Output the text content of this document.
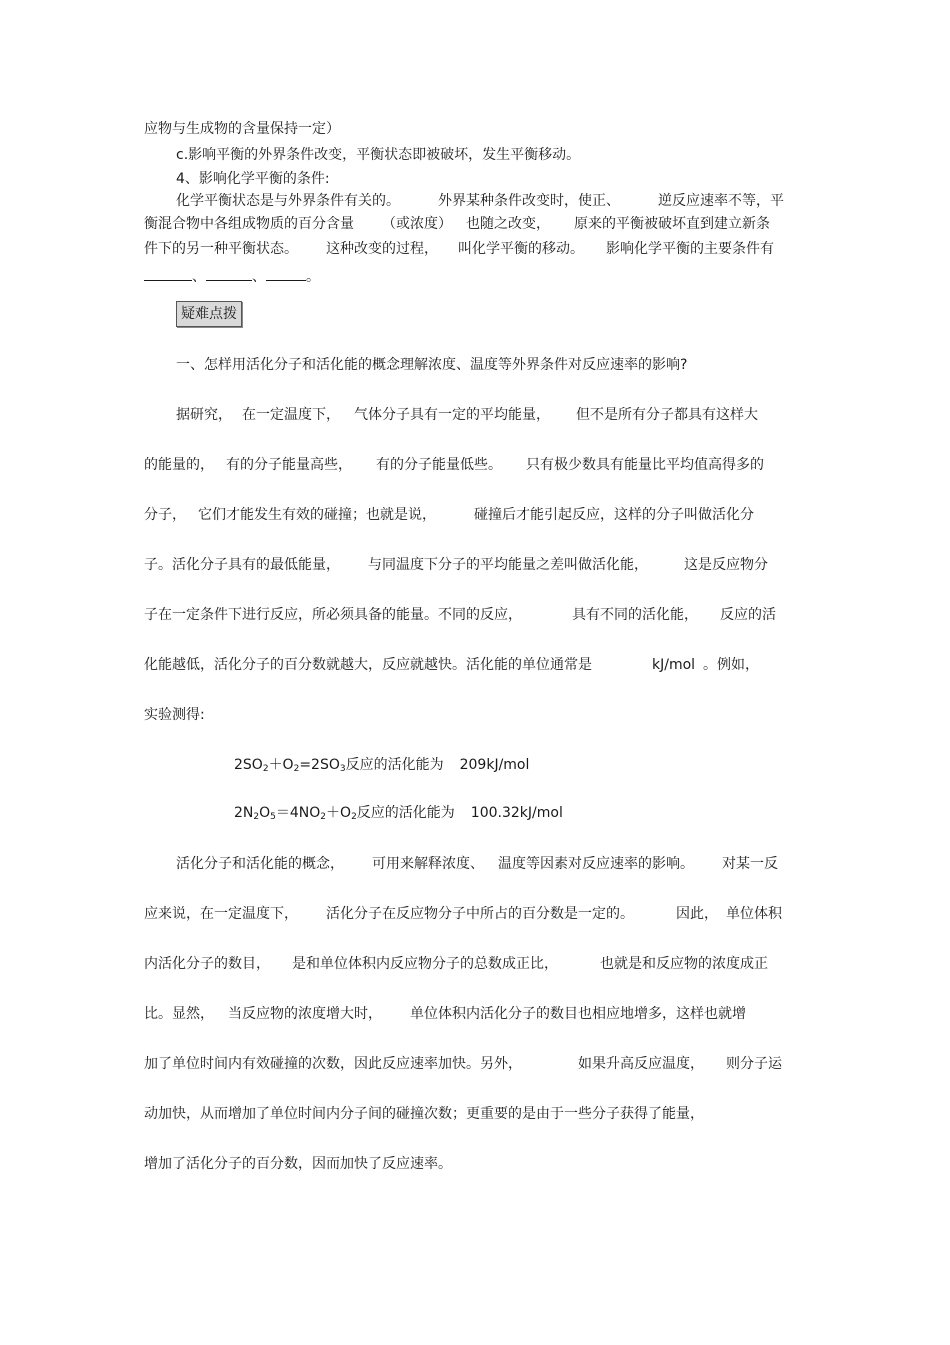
应物与生成物的含量保持一定）
c.影响平衡的外界条件改变，平衡状态即被破坏，发生平衡移动。
4、影响化学平衡的条件:
化学平衡状态是与外界条件有关的。	外界某种条件改变时，使正、	逆反应速率不等，平
衡混合物中各组成物质的百分含量 （或浓度） 也随之改变， 原来的平衡被破坏直到建立新条
件下的另一种平衡状态。 这种改变的过程， 叫化学平衡的移动。 影响化学平衡的主要条件有
、	、	。
疑难点拨
一、怎样用活化分子和活化能的概念理解浓度、温度等外界条件对反应速率的影响?
据研究， 在一定温度下， 气体分子具有一定的平均能量， 但不是所有分子都具有这样大
的能量的， 有的分子能量高些， 有的分子能量低些。 只有极少数具有能量比平均值高得多的
分子， 它们才能发生有效的碰撞；也就是说，	碰撞后才能引起反应，这样的分子叫做活化分
子。活化分子具有的最低能量， 与同温度下分子的平均能量之差叫做活化能，	这是反应物分
子在一定条件下进行反应，所必须具备的能量。不同的反应，	具有不同的活化能， 反应的活
化能越低，活化分子的百分数就越大，反应就越快。活化能的单位通常是	kJ/mol 。例如，
实验测得:
$2SO_2+O_2=2SO_3$反应的活化能为 209kJ/mol
$2N_2O_5=4NO_2+O_2$反应的活化能为 100.32kJ/mol
活化分子和活化能的概念， 可用来解释浓度、 温度等因素对反应速率的影响。 对某一反
应来说，在一定温度下， 活化分子在反应物分子中所占的百分数是一定的。	因此， 单位体积
内活化分子的数目， 是和单位体积内反应物分子的总数成正比，	也就是和反应物的浓度成正
比。显然， 当反应物的浓度增大时， 单位体积内活化分子的数目也相应地增多，这样也就增
加了单位时间内有效碰撞的次数，因此反应速率加快。另外，	如果升高反应温度， 则分子运
动加快，从而增加了单位时间内分子间的碰撞次数；更重要的是由于一些分子获得了能量，
增加了活化分子的百分数，因而加快了反应速率。
